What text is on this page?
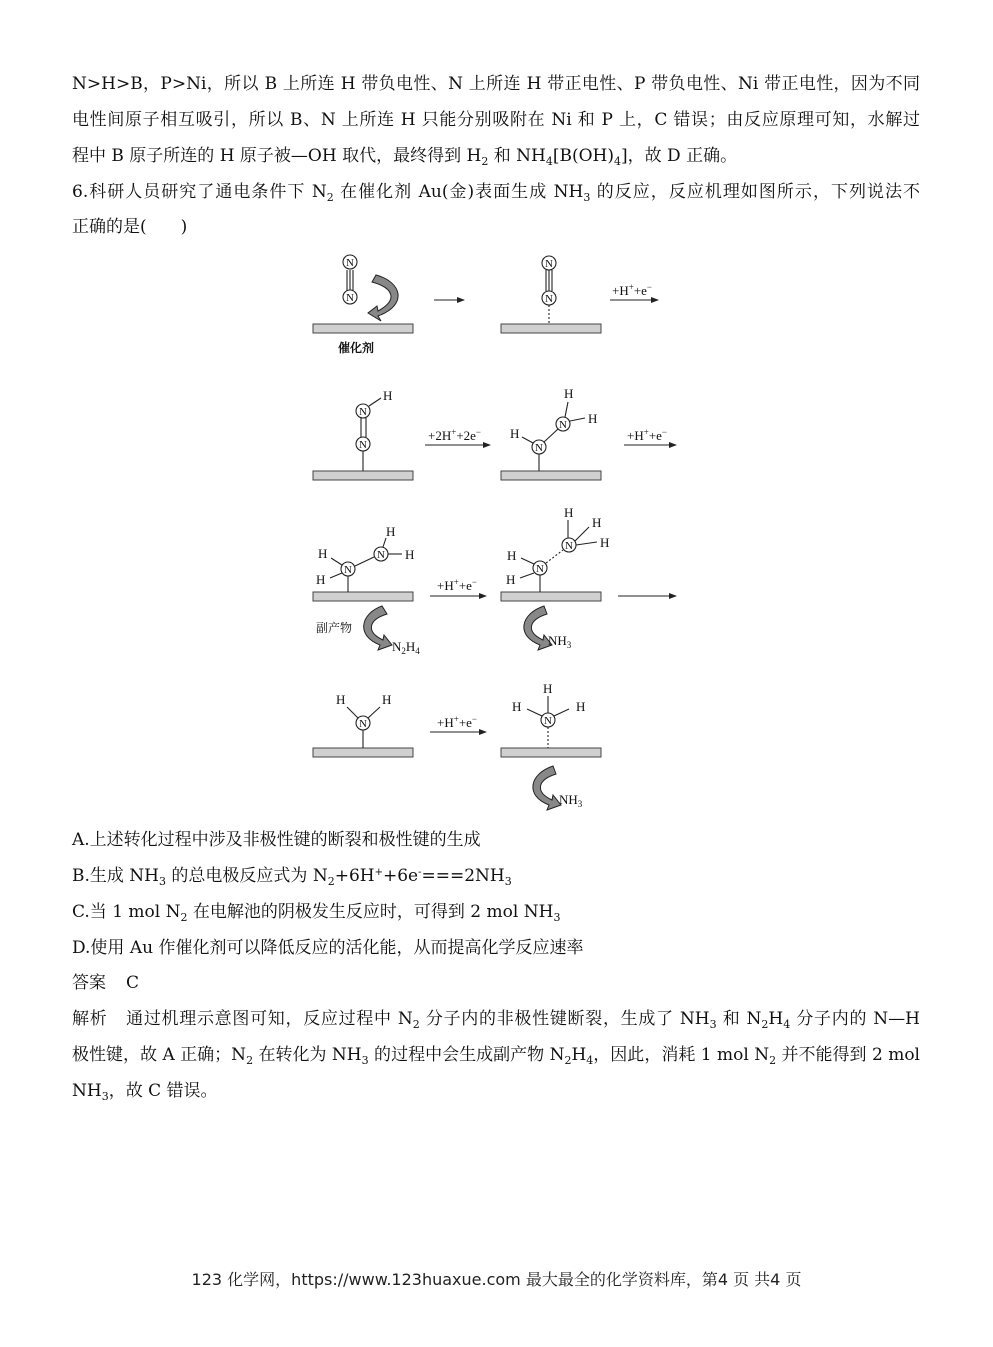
N>H>B，P>Ni，所以 B 上所连 H 带负电性、N 上所连 H 带正电性、P 带负电性、Ni 带正电性，因为不同
电性间原子相互吸引，所以 B、N 上所连 H 只能分别吸附在 Ni 和 P 上，C 错误；由反应原理可知，水解过
程中 B 原子所连的 H 原子被—OH 取代，最终得到 $H_2$ 和 $NH_4[B(OH)_4]$，故 D 正确。
6.科研人员研究了通电条件下 $N_2$ 在催化剂 Au(金)表面生成 $NH_3$ 的反应，反应机理如图所示，下列说法不
正确的是(　　)
催化剂
N
N
N
N
+H++e−
N
N
H
+2H++2e−
N
N
H
H
H
+H++e−
N
N
H
H
H
H
副产物
$N_2H_4$
+H++e−
N
N
H
H
H
H
H
$NH_3$
N
H	H
+H++e−	N
H
H	H
$NH_3$
A.上述转化过程中涉及非极性键的断裂和极性键的生成
B.生成 $NH_3$ 的总电极反应式为 $N_2+6H^++6e^-===2NH_3$
C.当 1 mol $N_2$ 在电解池的阴极发生反应时，可得到 2 mol $NH_3$
D.使用 Au 作催化剂可以降低反应的活化能，从而提高化学反应速率
答案 C
解析 通过机理示意图可知，反应过程中 $N_2$ 分子内的非极性键断裂，生成了 $NH_3$ 和 $N_2H_4$ 分子内的 N—H
极性键，故 A 正确；$N_2$ 在转化为 $NH_3$ 的过程中会生成副产物 $N_2H_4$，因此，消耗 1 mol $N_2$ 并不能得到 2 mol
$NH_3$，故 C 错误。
123 化学网，https://www.123huaxue.com 最大最全的化学资料库，第4 页 共4 页
